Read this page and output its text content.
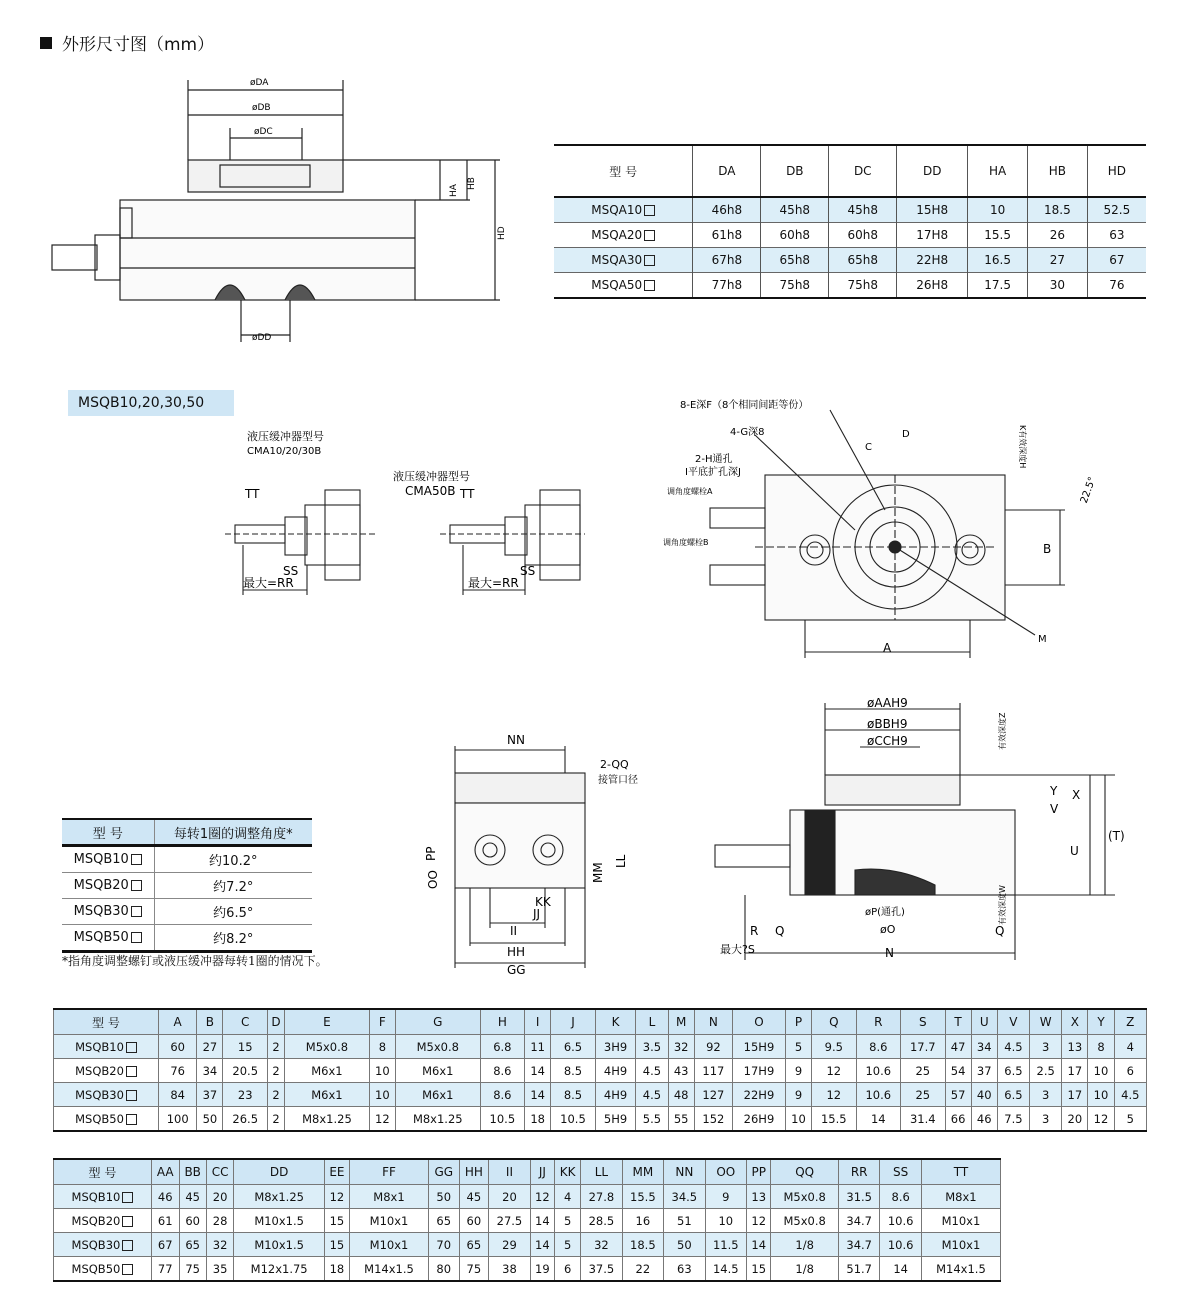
外形尺寸图（mm）
øDA
øDB
øDC
øDD
HA
HB
HD
型 号	DA	DB	DC	DD	HA	HB	HD
MSQA10	46h8	45h8	45h8	15H8	10	18.5	52.5
MSQA20	61h8	60h8	60h8	17H8	15.5	26	63
MSQA30	67h8	65h8	65h8	22H8	16.5	27	67
MSQA50	77h8	75h8	75h8	26H8	17.5	30	76
MSQB10,20,30,50
液压缓冲器型号
CMA10/20/30B
液压缓冲器型号
CMA50B
TT	TT
SS	SS
最大=RR	最大=RR
8-E深F（8个相同间距等份）
4-G深8
2-H通孔
I平底扩孔深J
调角度螺栓A
调角度螺栓B
K有效深度H
22.5°
A
B
C
D
M
NN
2-QQ
接管口径
PP
OO
LL
MM
KK
JJ
II
HH
GG
øAAH9
øBBH9
øCCH9	有效深度Z
有效深度W
Y
V
X
U
(T)
R Q	Q
最大?S
øP(通孔)
øO
N
型 号	每转1圈的调整角度*
MSQB10	约10.2°
MSQB20	约7.2°
MSQB30	约6.5°
MSQB50	约8.2°
*指角度调整螺钉或液压缓冲器每转1圈的情况下。
型 号	A	B	C	D	E	F	G	H	I	J	K	L	M	N	O	P	Q	R	S	T	U	V	W	X	Y	Z
MSQB10	60	27	15	2	M5x0.8	8	M5x0.8	6.8	11	6.5	3H9	3.5	32	92	15H9	5	9.5	8.6	17.7	47	34	4.5	3	13	8	4
MSQB20	76	34	20.5	2	M6x1	10	M6x1	8.6	14	8.5	4H9	4.5	43	117	17H9	9	12	10.6	25	54	37	6.5	2.5	17	10	6
MSQB30	84	37	23	2	M6x1	10	M6x1	8.6	14	8.5	4H9	4.5	48	127	22H9	9	12	10.6	25	57	40	6.5	3	17	10	4.5
MSQB50	100	50	26.5	2	M8x1.25	12	M8x1.25	10.5	18	10.5	5H9	5.5	55	152	26H9	10	15.5	14	31.4	66	46	7.5	3	20	12	5
型 号	AA	BB	CC	DD	EE	FF	GG	HH	II	JJ	KK	LL	MM	NN	OO	PP	QQ	RR	SS	TT
MSQB10	46	45	20	M8x1.25	12	M8x1	50	45	20	12	4	27.8	15.5	34.5	9	13	M5x0.8	31.5	8.6	M8x1
MSQB20	61	60	28	M10x1.5	15	M10x1	65	60	27.5	14	5	28.5	16	51	10	12	M5x0.8	34.7	10.6	M10x1
MSQB30	67	65	32	M10x1.5	15	M10x1	70	65	29	14	5	32	18.5	50	11.5	14	1/8	34.7	10.6	M10x1
MSQB50	77	75	35	M12x1.75	18	M14x1.5	80	75	38	19	6	37.5	22	63	14.5	15	1/8	51.7	14	M14x1.5
